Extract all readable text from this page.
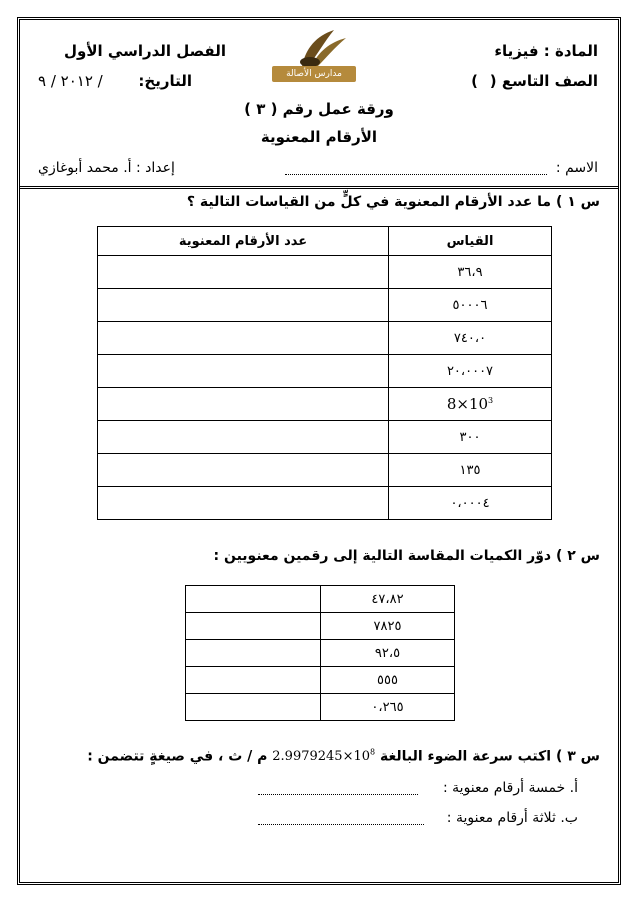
المادة : فيزياء
الفصل الدراسي الأول
مدارس الأصالة والمعاصرة	الصف التاسع (
)
التاريخ:
٢٠١٢ / ٩ /
ورقة عمل رقم ( ٣ )
الأرقام المعنوية
الاسم :
إعداد : أ. محمد أبوغازي
س ١ ) ما عدد الأرقام المعنوية في كلٍّ من القياسات التالية ؟
القياس	عدد الأرقام المعنوية
٣٦،٩	
٥٠٠٠٦	
٧٤٠،٠	
٢٠،٠٠٠٧	
$8\times 10^3$	
٣٠٠	
١٣٥	
٠،٠٠٠٤	
س ٢ ) دوّر الكميات المقاسة التالية إلى رقمين معنويين :
٤٧،٨٢	
٧٨٢٥	
٩٢،٥	
٥٥٥	
٠،٢٦٥	
س ٣ ) اكتب سرعة الضوء البالغة $2.9979245\times 10^8$ م / ث ، في صيغةٍ تتضمن :
أ. خمسة أرقام معنوية :
ب. ثلاثة أرقام معنوية :
